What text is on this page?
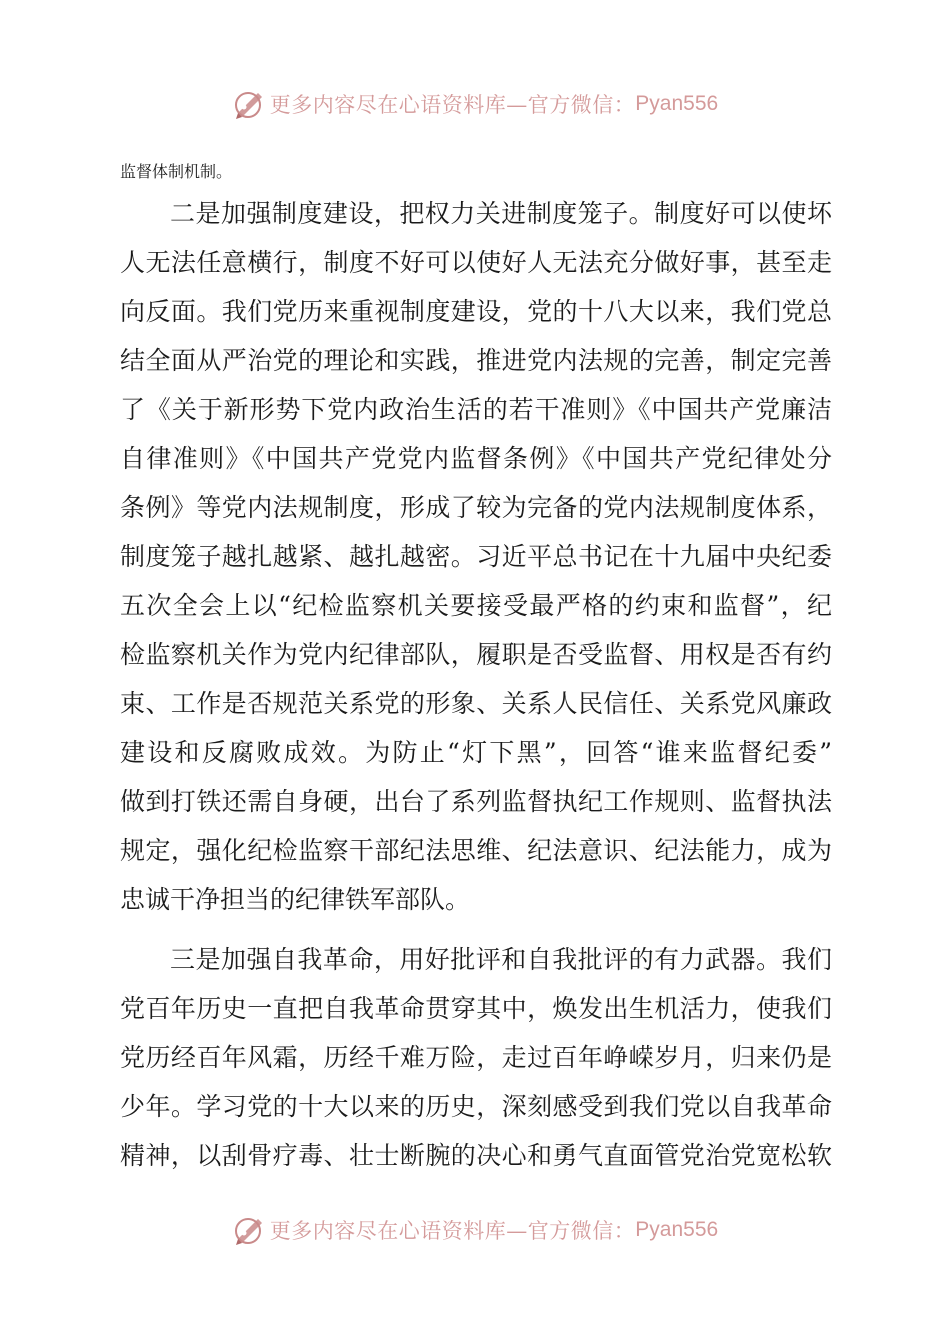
更多内容尽在心语资料库—官方微信： Pyan556
监督体制机制。
二是加强制度建设，把权力关进制度笼子。制度好可以使坏
人无法任意横行，制度不好可以使好人无法充分做好事，甚至走
向反面。我们党历来重视制度建设，党的十八大以来，我们党总
结全面从严治党的理论和实践，推进党内法规的完善，制定完善
了《关于新形势下党内政治生活的若干准则》《中国共产党廉洁
自律准则》《中国共产党党内监督条例》《中国共产党纪律处分
条例》等党内法规制度，形成了较为完备的党内法规制度体系，
制度笼子越扎越紧、越扎越密。习近平总书记在十九届中央纪委
五次全会上以“纪检监察机关要接受最严格的约束和监督”，纪
检监察机关作为党内纪律部队，履职是否受监督、用权是否有约
束、工作是否规范关系党的形象、关系人民信任、关系党风廉政
建设和反腐败成效。为防止“灯下黑”，回答“谁来监督纪委”
做到打铁还需自身硬，出台了系列监督执纪工作规则、监督执法
规定，强化纪检监察干部纪法思维、纪法意识、纪法能力，成为
忠诚干净担当的纪律铁军部队。
三是加强自我革命，用好批评和自我批评的有力武器。我们
党百年历史一直把自我革命贯穿其中，焕发出生机活力，使我们
党历经百年风霜，历经千难万险，走过百年峥嵘岁月，归来仍是
少年。学习党的十大以来的历史，深刻感受到我们党以自我革命
精神，以刮骨疗毒、壮士断腕的决心和勇气直面管党治党宽松软
更多内容尽在心语资料库—官方微信： Pyan556
